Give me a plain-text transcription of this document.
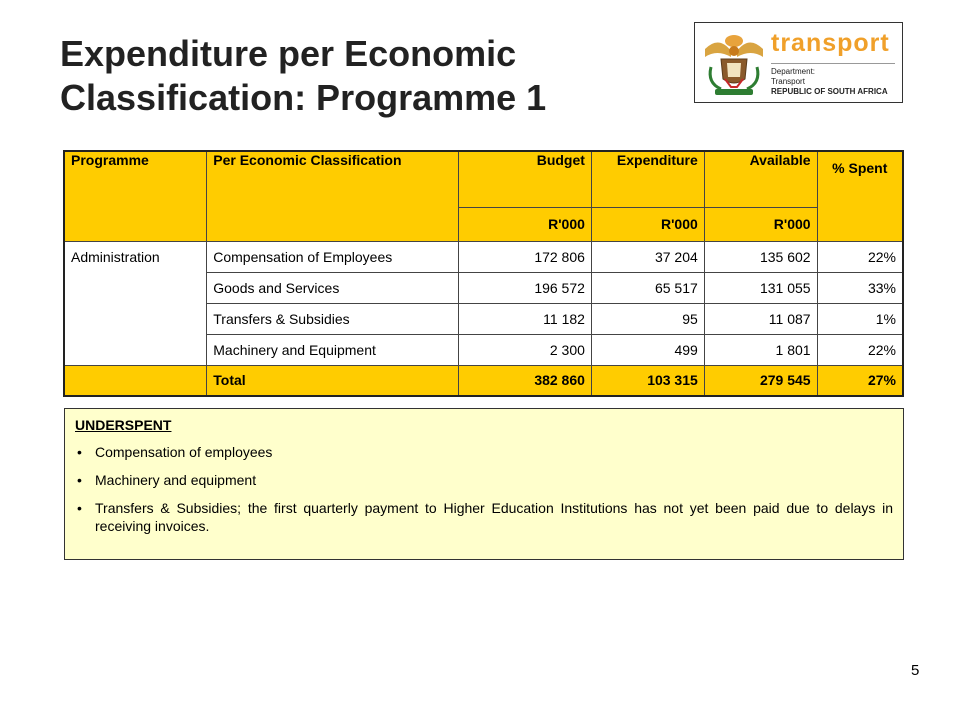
Expenditure per Economic Classification: Programme 1
transport
Department:
Transport
REPUBLIC OF SOUTH AFRICA
Programme	Per Economic Classification	Budget	Expenditure	Available	% Spent
		R'000	R'000	R'000	
Administration	Compensation of Employees	172 806	37 204	135 602	22%
	Goods and Services	196 572	65 517	131 055	33%
	Transfers & Subsidies	11 182	95	11 087	1%
	Machinery and Equipment	2 300	499	1 801	22%
	Total	382 860	103 315	279 545	27%
UNDERSPENT
• Compensation of employees
• Machinery and equipment
• Transfers & Subsidies; the first quarterly payment to Higher Education Institutions has not yet been paid due to delays in receiving invoices.
5
